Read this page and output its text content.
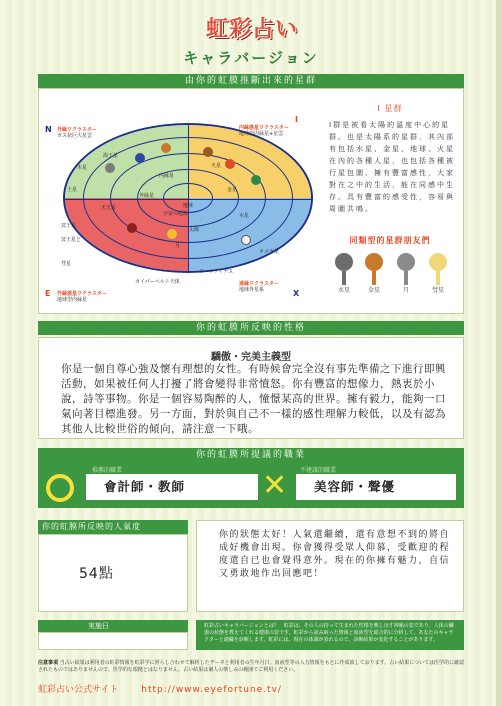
虹彩占い
キャラバージョン
由你的虹膜推斷出來的星群
N
E
I
X
外縁ワクラスター
ガス状巨大星雲
内縁惑星ワクラスター
地球型内縁星+星雲
外縁惑星ワクラスター
地球型内縁星
遠縁ワクラスター
地球外星系
木星
土星
天王星
海王星
冥王星
外縁星
内縁星
地球
火星
金星
水星
太陽
月
冥王星と
彗星
カイパーベルト天体
リーケノイデス
オメガ星
宇宙の起源
I 星群
I群是被看太陽的溫度中心的星群。也是太陽系的星群，其內部有包括水星、金星、地球、火星在內的各種人星，也包括各種被行星包圍、擁有豐富感性，大家對在之中的生活，能在同感中生存。具有豐富的感受性，容易與周圍共鳴。
同類型的星群朋友們
水星	金星	月	彗星
你的虹膜所反映的性格
驕傲・完美主義型
你是一個自尊心強及懷有理想的女性。有時候會完全沒有事先準備之下進行即興活動，如果被任何人打擾了將會變得非常憤怒。你有豐富的想像力，熱衷於小說，詩等事物。你是一個容易陶醉的人，憧憬某高的世界。擁有毅力，能夠一口氣向著目標進發。另一方面，對於與自己不一樣的感性理解力較低，以及有認為其他人比較世俗的傾向，請注意一下哦。
你的虹膜所提議的職業
推薦的職業
會計師・教師	✕ 不建議的職業
美容師・聲優
你的虹膜所反映的人氣度
54點
你的狀態太好！人氣還繼續，還有意想不到的將自成好機會出現。你會獲得受眾人仰慕，受歡迎的程度還自已也會覺得意外。現在的你擁有魅力，自信又勇敢地作出回應吧！
実施日	虹彩占いキャラバージョンとは？　虹彩は、その人の持って生まれた性格を映し出す神秘の窓であり、人体の臓器の状態を教えてくれる健康の窓です。虹彩から読み取った情報と血液型を総合的に分析して、あなたのキャラクターと適職を診断します。虹彩には、現在の体調が表れるので、診断結果が変化することがあります。
注意事項 当占い結果は利用者の虹彩情報を虹彩学に照らし合わせて解析したデータと利用者の生年月日、血液型等の入力情報をもとに作成致しております。占い結果については医学的に確認されたものではありませんので、医学的な根拠とはなりません。占い結果は個人の楽しみの範囲でご利用ください。
虹彩占い公式サイト	http://www.eyefortune.tv/
